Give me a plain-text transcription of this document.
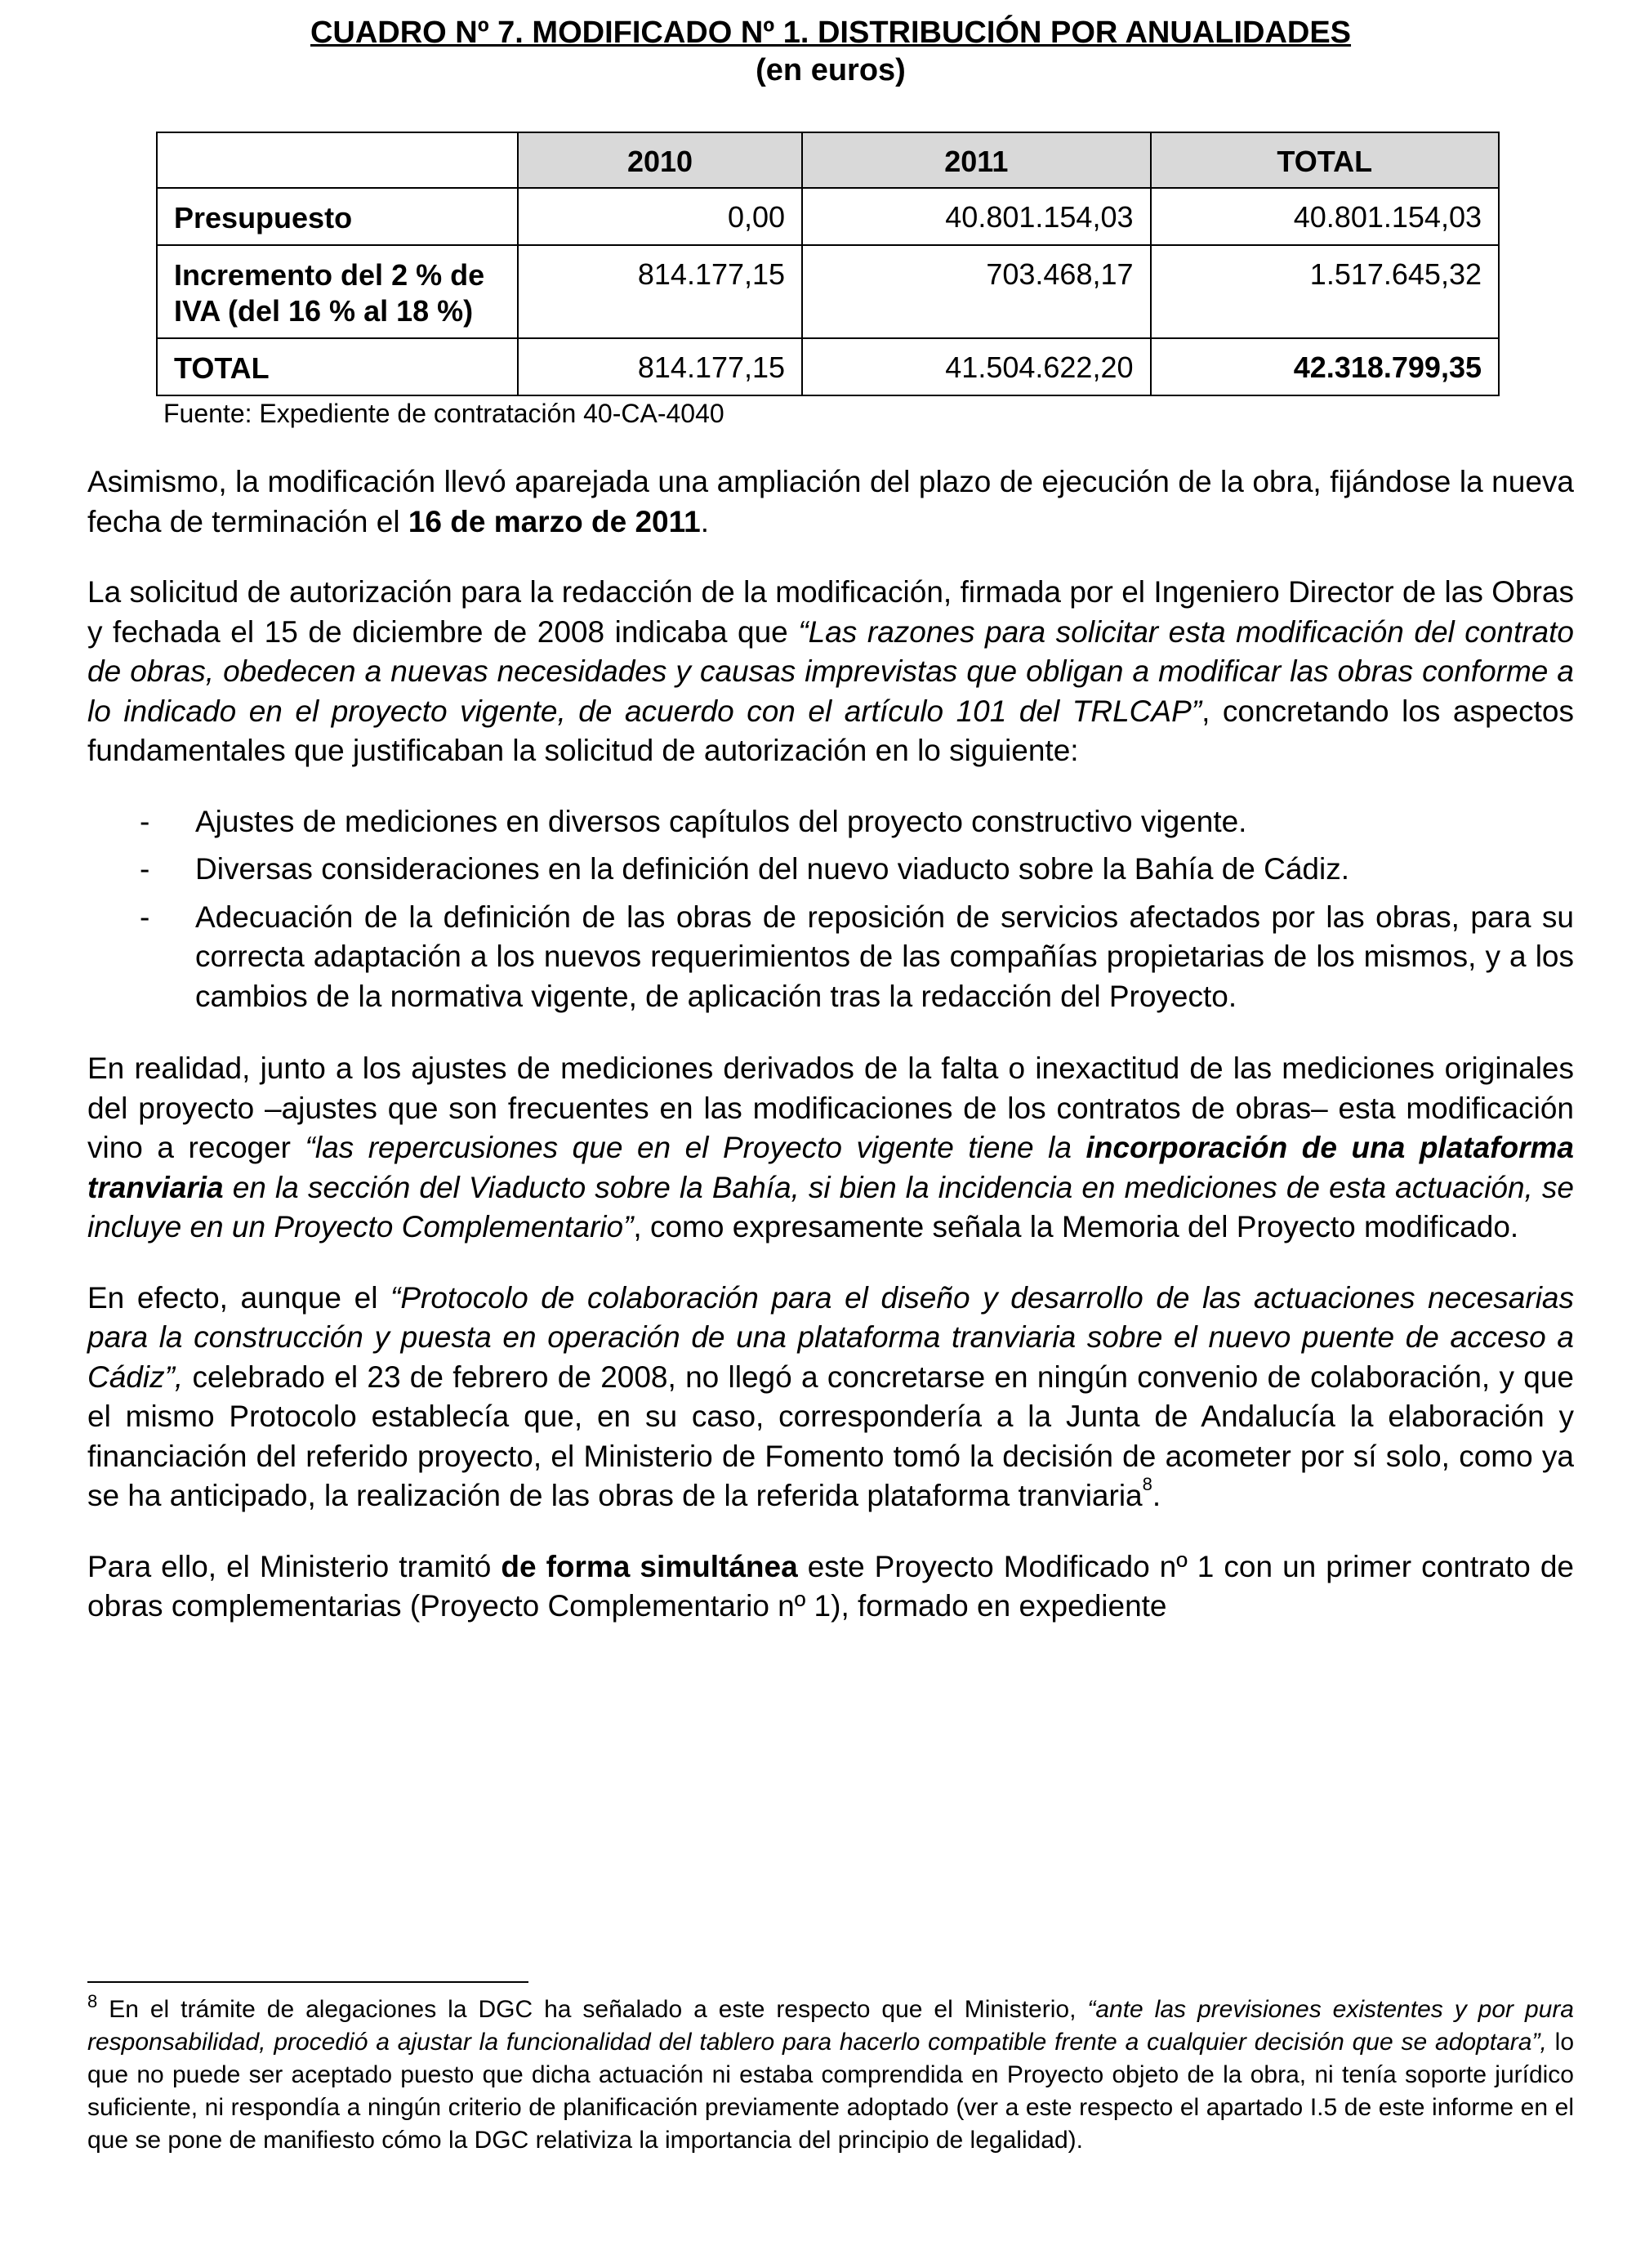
CUADRO Nº 7. MODIFICADO Nº 1. DISTRIBUCIÓN POR ANUALIDADES
(en euros)
	2010	2011	TOTAL
Presupuesto	0,00	40.801.154,03	40.801.154,03
Incremento del 2 % de
IVA (del 16 % al 18 %)	814.177,15	703.468,17	1.517.645,32
TOTAL	814.177,15	41.504.622,20	42.318.799,35
Fuente: Expediente de contratación 40-CA-4040

Asimismo, la modificación llevó aparejada una ampliación del plazo de ejecución de la obra, fijándose la nueva fecha de terminación el 16 de marzo de 2011.

La solicitud de autorización para la redacción de la modificación, firmada por el Ingeniero Director de las Obras y fechada el 15 de diciembre de 2008 indicaba que “Las razones para solicitar esta modificación del contrato de obras, obedecen a nuevas necesidades y causas imprevistas que obligan a modificar las obras conforme a lo indicado en el proyecto vigente, de acuerdo con el artículo 101 del TRLCAP”, concretando los aspectos fundamentales que justificaban la solicitud de autorización en lo siguiente:

- Ajustes de mediciones en diversos capítulos del proyecto constructivo vigente.
- Diversas consideraciones en la definición del nuevo viaducto sobre la Bahía de Cádiz.
- Adecuación de la definición de las obras de reposición de servicios afectados por las obras, para su correcta adaptación a los nuevos requerimientos de las compañías propietarias de los mismos, y a los cambios de la normativa vigente, de aplicación tras la redacción del Proyecto.

En realidad, junto a los ajustes de mediciones derivados de la falta o inexactitud de las mediciones originales del proyecto –ajustes que son frecuentes en las modificaciones de los contratos de obras– esta modificación vino a recoger “las repercusiones que en el Proyecto vigente tiene la incorporación de una plataforma tranviaria en la sección del Viaducto sobre la Bahía, si bien la incidencia en mediciones de esta actuación, se incluye en un Proyecto Complementario”, como expresamente señala la Memoria del Proyecto modificado.

En efecto, aunque el “Protocolo de colaboración para el diseño y desarrollo de las actuaciones necesarias para la construcción y puesta en operación de una plataforma tranviaria sobre el nuevo puente de acceso a Cádiz”, celebrado el 23 de febrero de 2008, no llegó a concretarse en ningún convenio de colaboración, y que el mismo Protocolo establecía que, en su caso, correspondería a la Junta de Andalucía la elaboración y financiación del referido proyecto, el Ministerio de Fomento tomó la decisión de acometer por sí solo, como ya se ha anticipado, la realización de las obras de la referida plataforma tranviaria$^8$.

Para ello, el Ministerio tramitó de forma simultánea este Proyecto Modificado nº 1 con un primer contrato de obras complementarias (Proyecto Complementario nº 1), formado en expediente

$^8$ En el trámite de alegaciones la DGC ha señalado a este respecto que el Ministerio, “ante las previsiones existentes y por pura responsabilidad, procedió a ajustar la funcionalidad del tablero para hacerlo compatible frente a cualquier decisión que se adoptara”, lo que no puede ser aceptado puesto que dicha actuación ni estaba comprendida en Proyecto objeto de la obra, ni tenía soporte jurídico suficiente, ni respondía a ningún criterio de planificación previamente adoptado (ver a este respecto el apartado I.5 de este informe en el que se pone de manifiesto cómo la DGC relativiza la importancia del principio de legalidad).
